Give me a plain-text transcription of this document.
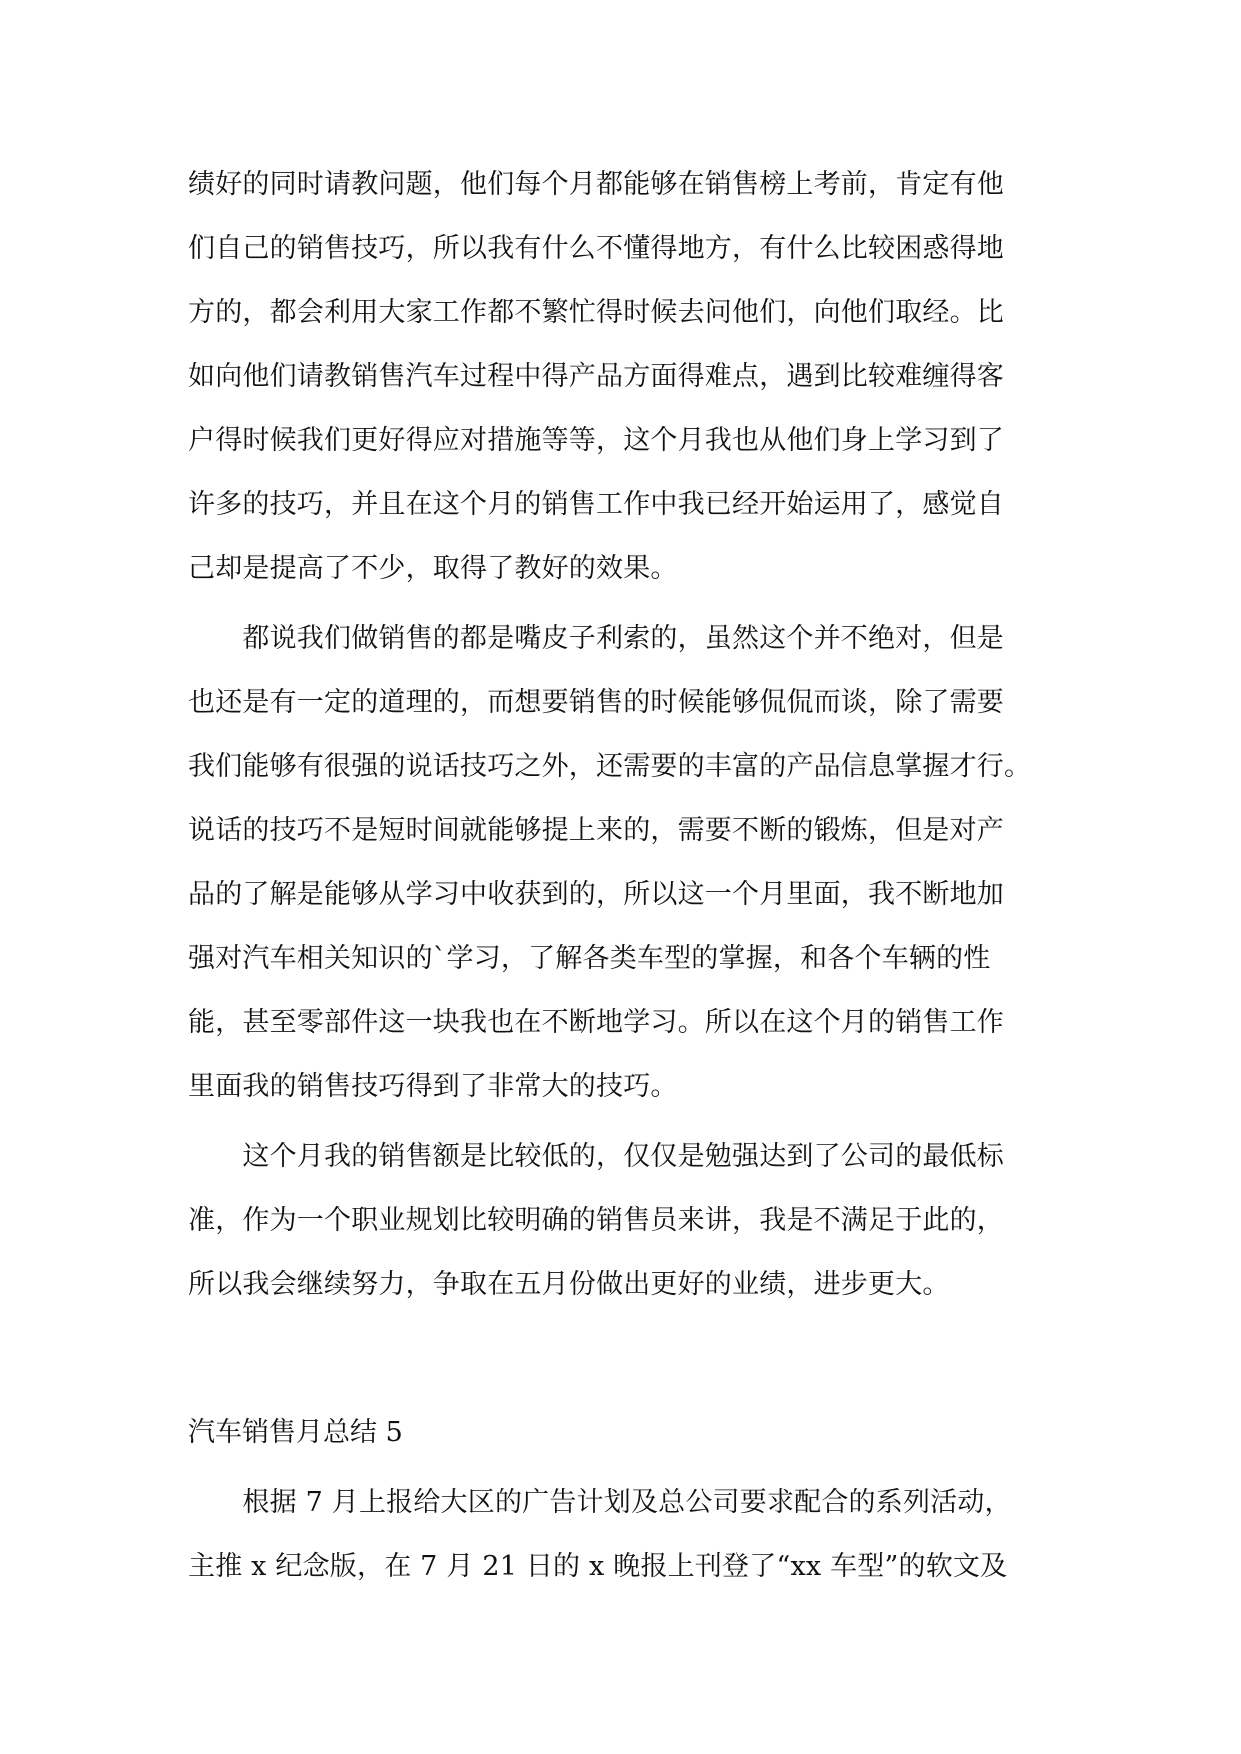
绩好的同时请教问题，他们每个月都能够在销售榜上考前，肯定有他
们自己的销售技巧，所以我有什么不懂得地方，有什么比较困惑得地
方的，都会利用大家工作都不繁忙得时候去问他们，向他们取经。比
如向他们请教销售汽车过程中得产品方面得难点，遇到比较难缠得客
户得时候我们更好得应对措施等等，这个月我也从他们身上学习到了
许多的技巧，并且在这个月的销售工作中我已经开始运用了，感觉自
己却是提高了不少，取得了教好的效果。
　　都说我们做销售的都是嘴皮子利索的，虽然这个并不绝对，但是
也还是有一定的道理的，而想要销售的时候能够侃侃而谈，除了需要
我们能够有很强的说话技巧之外，还需要的丰富的产品信息掌握才行。
说话的技巧不是短时间就能够提上来的，需要不断的锻炼，但是对产
品的了解是能够从学习中收获到的，所以这一个月里面，我不断地加
强对汽车相关知识的`学习，了解各类车型的掌握，和各个车辆的性
能，甚至零部件这一块我也在不断地学习。所以在这个月的销售工作
里面我的销售技巧得到了非常大的技巧。
　　这个月我的销售额是比较低的，仅仅是勉强达到了公司的最低标
准，作为一个职业规划比较明确的销售员来讲，我是不满足于此的，
所以我会继续努力，争取在五月份做出更好的业绩，进步更大。
汽车销售月总结 5
　　根据 7 月上报给大区的广告计划及总公司要求配合的系列活动，
主推 x 纪念版，在 7 月 21 日的 x 晚报上刊登了“xx 车型”的软文及
